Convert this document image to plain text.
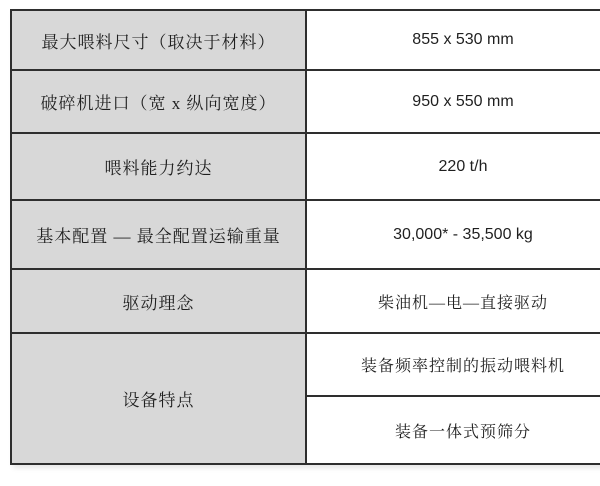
最大喂料尺寸（取决于材料）	855 x 530 mm
破碎机进口（宽 x 纵向宽度）	950 x 550 mm
喂料能力约达	220 t/h
基本配置 — 最全配置运输重量	30,000* - 35,500 kg
驱动理念	柴油机—电—直接驱动
设备特点	装备频率控制的振动喂料机
	装备一体式预筛分
